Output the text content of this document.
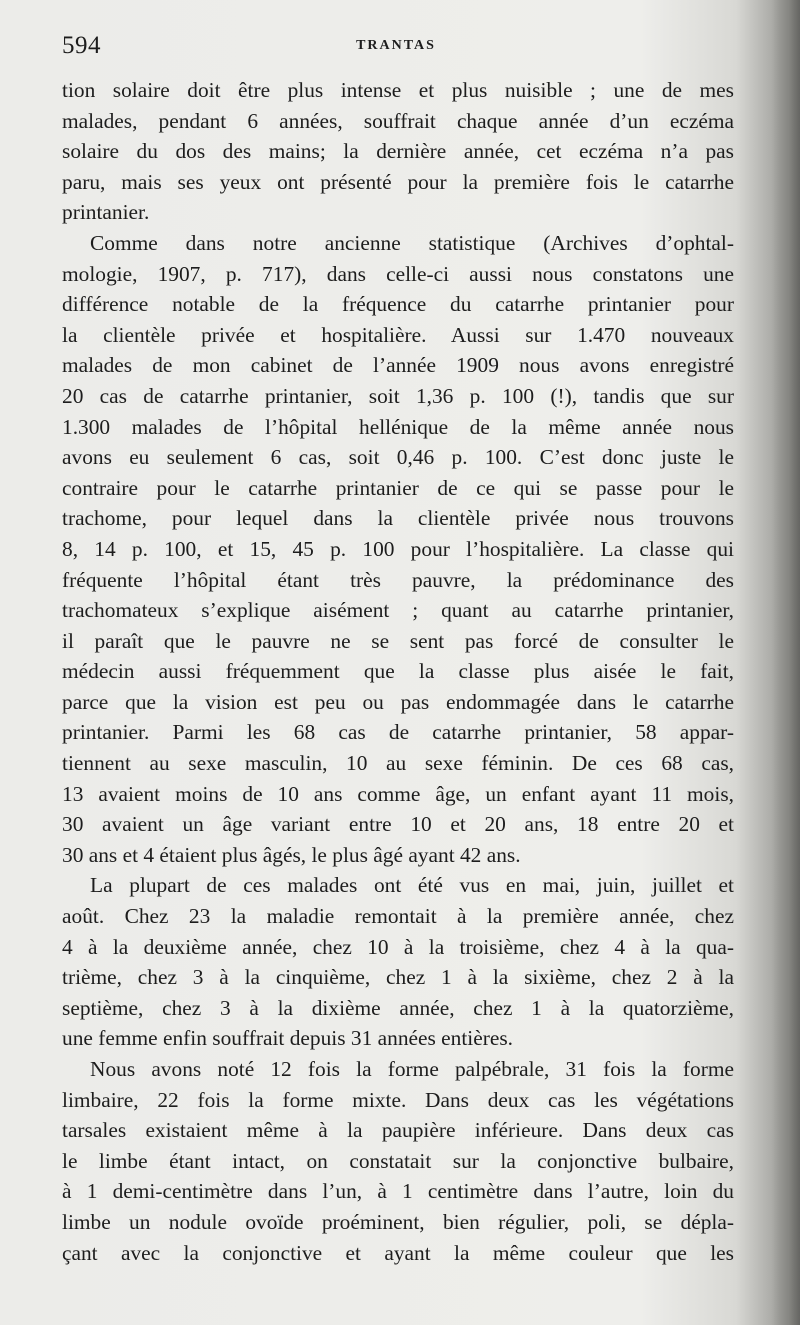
594	TRANTAS
tion solaire doit être plus intense et plus nuisible ; une de mes
malades, pendant 6 années, souffrait chaque année d’un eczéma
solaire du dos des mains; la dernière année, cet eczéma n’a pas
paru, mais ses yeux ont présenté pour la première fois le catarrhe
printanier.
Comme dans notre ancienne statistique (Archives d’ophtal-
mologie, 1907, p. 717), dans celle-ci aussi nous constatons une
différence notable de la fréquence du catarrhe printanier pour
la clientèle privée et hospitalière. Aussi sur 1.470 nouveaux
malades de mon cabinet de l’année 1909 nous avons enregistré
20 cas de catarrhe printanier, soit 1,36 p. 100 (!), tandis que sur
1.300 malades de l’hôpital hellénique de la même année nous
avons eu seulement 6 cas, soit 0,46 p. 100. C’est donc juste le
contraire pour le catarrhe printanier de ce qui se passe pour le
trachome, pour lequel dans la clientèle privée nous trouvons
8, 14 p. 100, et 15, 45 p. 100 pour l’hospitalière. La classe qui
fréquente l’hôpital étant très pauvre, la prédominance des
trachomateux s’explique aisément ; quant au catarrhe printanier,
il paraît que le pauvre ne se sent pas forcé de consulter le
médecin aussi fréquemment que la classe plus aisée le fait,
parce que la vision est peu ou pas endommagée dans le catarrhe
printanier. Parmi les 68 cas de catarrhe printanier, 58 appar-
tiennent au sexe masculin, 10 au sexe féminin. De ces 68 cas,
13 avaient moins de 10 ans comme âge, un enfant ayant 11 mois,
30 avaient un âge variant entre 10 et 20 ans, 18 entre 20 et
30 ans et 4 étaient plus âgés, le plus âgé ayant 42 ans.
La plupart de ces malades ont été vus en mai, juin, juillet et
août. Chez 23 la maladie remontait à la première année, chez
4 à la deuxième année, chez 10 à la troisième, chez 4 à la qua-
trième, chez 3 à la cinquième, chez 1 à la sixième, chez 2 à la
septième, chez 3 à la dixième année, chez 1 à la quatorzième,
une femme enfin souffrait depuis 31 années entières.
Nous avons noté 12 fois la forme palpébrale, 31 fois la forme
limbaire, 22 fois la forme mixte. Dans deux cas les végétations
tarsales existaient même à la paupière inférieure. Dans deux cas
le limbe étant intact, on constatait sur la conjonctive bulbaire,
à 1 demi-centimètre dans l’un, à 1 centimètre dans l’autre, loin du
limbe un nodule ovoïde proéminent, bien régulier, poli, se dépla-
çant avec la conjonctive et ayant la même couleur que les
